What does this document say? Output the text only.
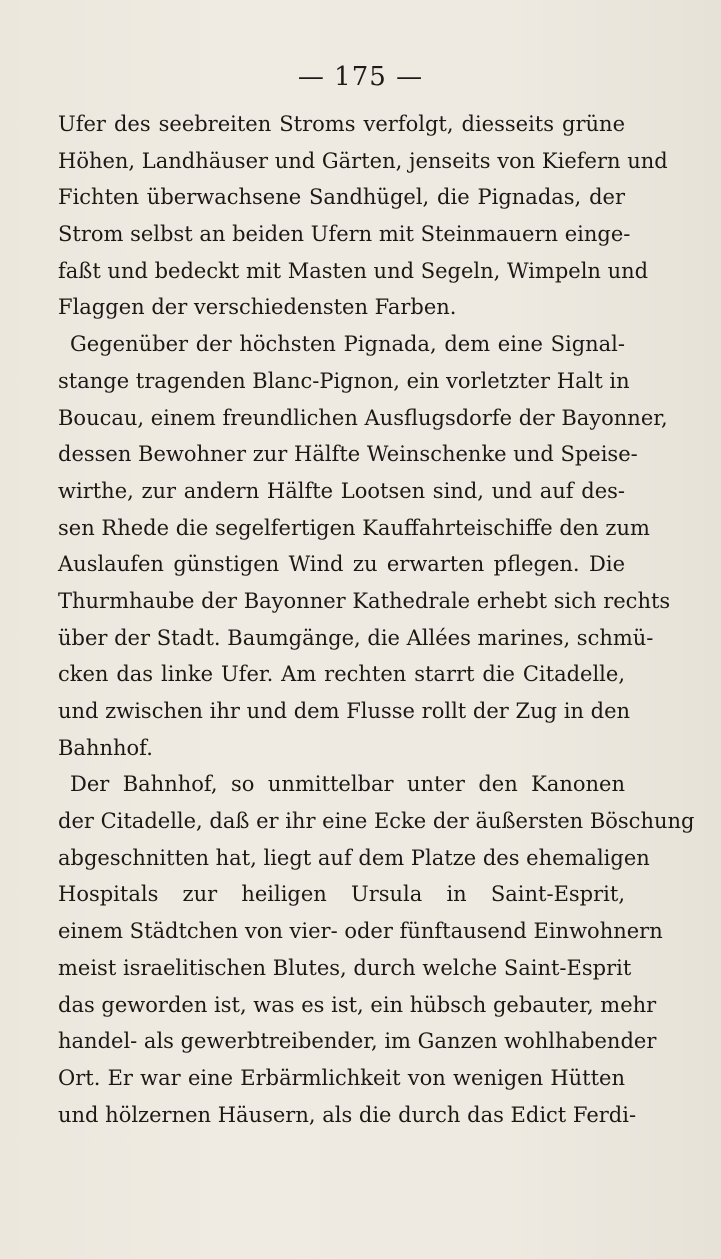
— 175 —
Ufer des seebreiten Stroms verfolgt, diesseits grüne
Höhen, Landhäuser und Gärten, jenseits von Kiefern und
Fichten überwachsene Sandhügel, die Pignadas, der
Strom selbst an beiden Ufern mit Steinmauern einge-
faßt und bedeckt mit Masten und Segeln, Wimpeln und
Flaggen der verschiedensten Farben.
Gegenüber der höchsten Pignada, dem eine Signal-
stange tragenden Blanc-Pignon, ein vorletzter Halt in
Boucau, einem freundlichen Ausflugsdorfe der Bayonner,
dessen Bewohner zur Hälfte Weinschenke und Speise-
wirthe, zur andern Hälfte Lootsen sind, und auf des-
sen Rhede die segelfertigen Kauffahrteischiffe den zum
Auslaufen günstigen Wind zu erwarten pflegen. Die
Thurmhaube der Bayonner Kathedrale erhebt sich rechts
über der Stadt. Baumgänge, die Allées marines, schmü-
cken das linke Ufer. Am rechten starrt die Citadelle,
und zwischen ihr und dem Flusse rollt der Zug in den
Bahnhof.
Der Bahnhof, so unmittelbar unter den Kanonen
der Citadelle, daß er ihr eine Ecke der äußersten Böschung
abgeschnitten hat, liegt auf dem Platze des ehemaligen
Hospitals zur heiligen Ursula in Saint-Esprit,
einem Städtchen von vier- oder fünftausend Einwohnern
meist israelitischen Blutes, durch welche Saint-Esprit
das geworden ist, was es ist, ein hübsch gebauter, mehr
handel- als gewerbtreibender, im Ganzen wohlhabender
Ort. Er war eine Erbärmlichkeit von wenigen Hütten
und hölzernen Häusern, als die durch das Edict Ferdi-
